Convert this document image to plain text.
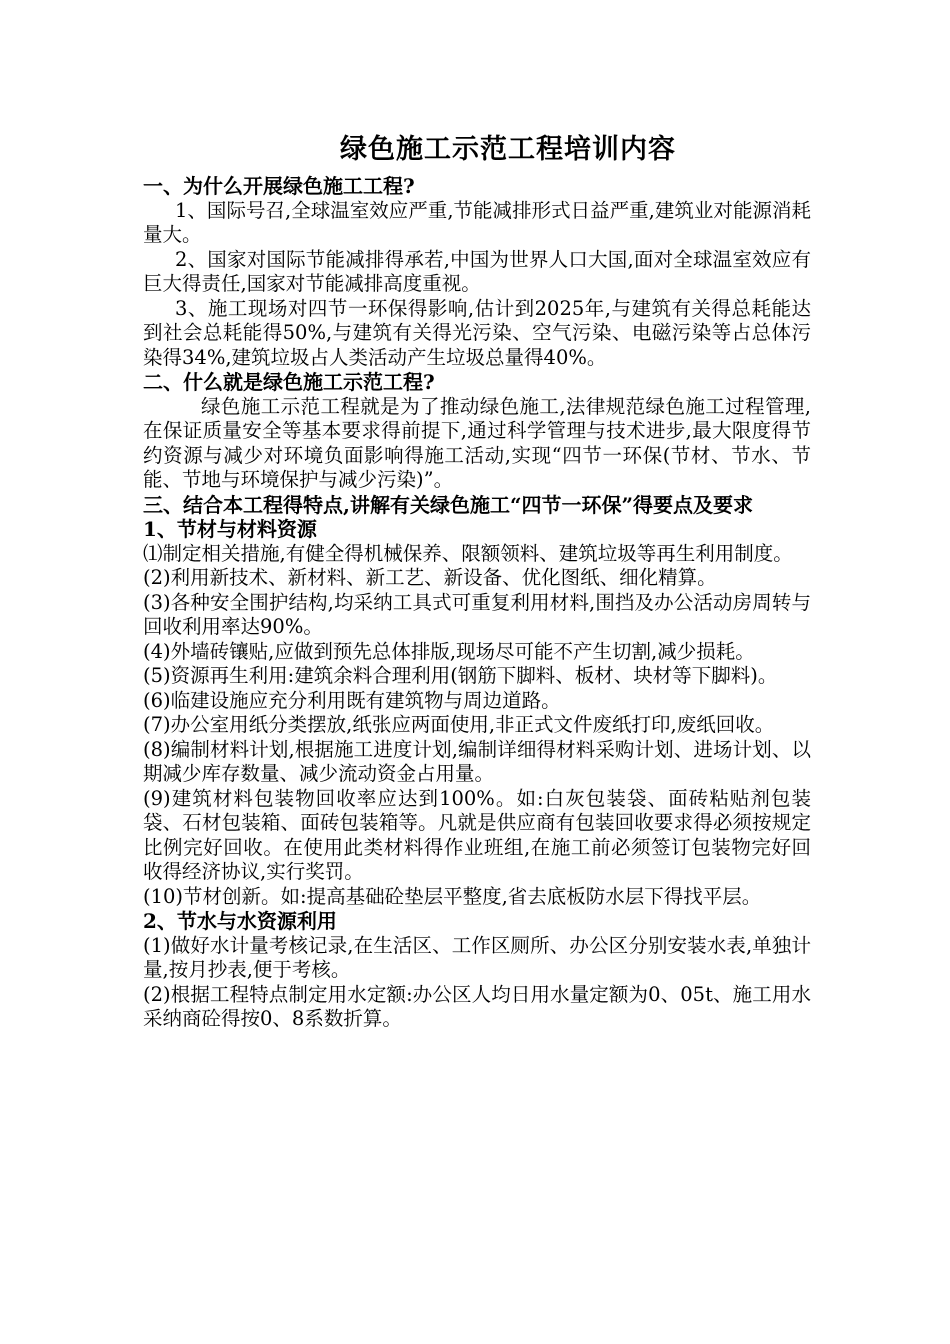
绿色施工示范工程培训内容
一、为什么开展绿色施工工程?
1、国际号召,全球温室效应严重,节能减排形式日益严重,建筑业对能源消耗量大。
2、国家对国际节能减排得承若,中国为世界人口大国,面对全球温室效应有巨大得责任,国家对节能减排高度重视。
3、施工现场对四节一环保得影响,估计到2025年,与建筑有关得总耗能达到社会总耗能得50%,与建筑有关得光污染、空气污染、电磁污染等占总体污染得34%,建筑垃圾占人类活动产生垃圾总量得40%。
二、什么就是绿色施工示范工程?
绿色施工示范工程就是为了推动绿色施工,法律规范绿色施工过程管理,在保证质量安全等基本要求得前提下,通过科学管理与技术进步,最大限度得节约资源与减少对环境负面影响得施工活动,实现“四节一环保(节材、节水、节能、节地与环境保护与减少污染)”。
三、结合本工程得特点,讲解有关绿色施工“四节一环保”得要点及要求
1、节材与材料资源
⑴制定相关措施,有健全得机械保养、限额领料、建筑垃圾等再生利用制度。
(2)利用新技术、新材料、新工艺、新设备、优化图纸、细化精算。
(3)各种安全围护结构,均采纳工具式可重复利用材料,围挡及办公活动房周转与回收利用率达90%。
(4)外墙砖镶贴,应做到预先总体排版,现场尽可能不产生切割,减少损耗。
(5)资源再生利用:建筑余料合理利用(钢筋下脚料、板材、块材等下脚料)。
(6)临建设施应充分利用既有建筑物与周边道路。
(7)办公室用纸分类摆放,纸张应两面使用,非正式文件废纸打印,废纸回收。
(8)编制材料计划,根据施工进度计划,编制详细得材料采购计划、进场计划、以期减少库存数量、减少流动资金占用量。
(9)建筑材料包装物回收率应达到100%。如:白灰包装袋、面砖粘贴剂包装袋、石材包装箱、面砖包装箱等。凡就是供应商有包装回收要求得必须按规定比例完好回收。在使用此类材料得作业班组,在施工前必须签订包装物完好回收得经济协议,实行奖罚。
(10)节材创新。如:提高基础砼垫层平整度,省去底板防水层下得找平层。
2、节水与水资源利用
(1)做好水计量考核记录,在生活区、工作区厕所、办公区分别安装水表,单独计量,按月抄表,便于考核。
(2)根据工程特点制定用水定额:办公区人均日用水量定额为0、05t、施工用水采纳商砼得按0、8系数折算。
